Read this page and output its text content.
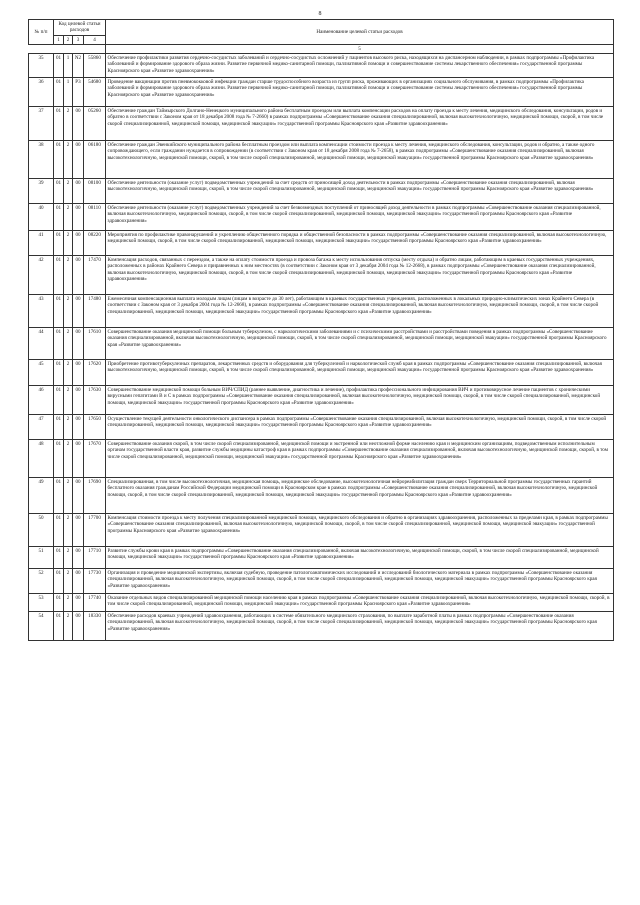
8
№ п/п	Код целевой статьи расходов				Наименование целевой статьи расходов
	1	2	3	4	
					5
35	01	1	N2	55860	Обеспечение профилактики развития сердечно-сосудистых заболеваний и сердечно-сосудистых осложнений у пациентов высокого риска, находящихся на диспансерном наблюдении, в рамках подпрограммы «Профилактика заболеваний и формирование здорового образа жизни. Развитие первичной медико-санитарной помощи, паллиативной помощи и совершенствование системы лекарственного обеспечения» государственной программы Красноярского края «Развитие здравоохранения»
36	01	1	P3	54680	Проведение вакцинации против пневмококковой инфекции граждан старше трудоспособного возраста из групп риска, проживающих в организациях социального обслуживания, в рамках подпрограммы «Профилактика заболеваний и формирование здорового образа жизни. Развитие первичной медико-санитарной помощи, паллиативной помощи и совершенствование системы лекарственного обеспечения» государственной программы Красноярского края «Развитие здравоохранения»
37	01	2	00	05260	Обеспечение граждан Таймырского Долгано-Ненецкого муниципального района бесплатным проездом или выплата компенсации расходов на оплату проезда к месту лечения, медицинского обследования, консультации, родов и обратно в соответствии с Законом края от 18 декабря 2008 года № 7-2660) в рамках подпрограммы «Совершенствование оказания специализированной, включая высокотехнологичную, медицинской помощи, скорой, в том числе скорой специализированной, медицинской помощи, медицинской эвакуации» государственной программы Красноярского края «Развитие здравоохранения»
38	01	2	00	06180	Обеспечение граждан Эвенкийского муниципального района бесплатным проездом или выплата компенсации стоимости проезда к месту лечения, медицинского обследования, консультации, родов и обратно, а также одного сопровождающего, если гражданин нуждается в сопровождении (в соответствии с Законом края от 18 декабря 2008 года № 7-2658), в рамках подпрограммы «Совершенствование оказания специализированной, включая высокотехнологичную, медицинской помощи, скорой, в том числе скорой специализированной, медицинской помощи, медицинской эвакуации» государственной программы Красноярского края «Развитие здравоохранения»
39	01	2	00	08100	Обеспечение деятельности (оказание услуг) подведомственных учреждений за счет средств от приносящей доход деятельности в рамках подпрограммы «Совершенствование оказания специализированной, включая высокотехнологичную, медицинской помощи, скорой, в том числе скорой специализированной, медицинской помощи, медицинской эвакуации» государственной программы Красноярского края «Развитие здравоохранения»
40	01	2	00	08110	Обеспечение деятельности (оказание услуг) подведомственных учреждений за счет безвозмездных поступлений от приносящей доход деятельности в рамках подпрограммы «Совершенствование оказания специализированной, включая высокотехнологичную, медицинской помощи, скорой, в том числе скорой специализированной, медицинской помощи, медицинской эвакуации» государственной программы Красноярского края «Развитие здравоохранения»
41	01	2	00	08220	Мероприятия по профилактике правонарушений и укреплению общественного порядка и общественной безопасности в рамках подпрограммы «Совершенствование оказания специализированной, включая высокотехнологичную, медицинской помощи, скорой, в том числе скорой специализированной, медицинской помощи, медицинской эвакуации» государственной программы Красноярского края «Развитие здравоохранения»
42	01	2	00	17470	Компенсация расходов, связанных с переездом, а также на оплату стоимости проезда и провоза багажа к месту использования отпуска (месту отдыха) и обратно лицам, работающим в краевых государственных учреждениях, расположенных в районах Крайнего Севера и приравненных к ним местностях (в соответствии с Законом края от 3 декабря 2004 года № 12-2668), в рамках подпрограммы «Совершенствование оказания специализированной, включая высокотехнологичную, медицинской помощи, скорой, в том числе скорой специализированной, медицинской помощи, медицинской эвакуации» государственной программы Красноярского края «Развитие здравоохранения»
43	01	2	00	17480	Ежемесячная компенсационная выплата молодым лицам (лицам в возрасте до 30 лет), работающим в краевых государственных учреждениях, расположенных в локальных природно-климатических зонах Крайнего Севера (в соответствии с Законом края от 3 декабря 2004 года № 12-2668), в рамках подпрограммы «Совершенствование оказания специализированной, включая высокотехнологичную, медицинской помощи, скорой, в том числе скорой специализированной, медицинской помощи, медицинской эвакуации» государственной программы Красноярского края «Развитие здравоохранения»
44	01	2	00	17610	Совершенствование оказания медицинской помощи больным туберкулезом, с наркологическими заболеваниями и с психическими расстройствами и расстройствами поведения в рамках подпрограммы «Совершенствование оказания специализированной, включая высокотехнологичную, медицинской помощи, скорой, в том числе скорой специализированной, медицинской помощи, медицинской эвакуации» государственной программы Красноярского края «Развитие здравоохранения»
45	01	2	00	17620	Приобретение противотуберкулезных препаратов, лекарственных средств и оборудования для туберкулезной и наркологической служб края в рамках подпрограммы «Совершенствование оказания специализированной, включая высокотехнологичную, медицинской помощи, скорой, в том числе скорой специализированной, медицинской помощи, медицинской эвакуации» государственной программы Красноярского края «Развитие здравоохранения»
46	01	2	00	17630	Совершенствование медицинской помощи больным ВИЧ/СПИД (раннее выявление, диагностика и лечение), профилактика профессионального инфицирования ВИЧ и противовирусное лечение пациентов с хроническими вирусными гепатитами В и С в рамках подпрограммы «Совершенствование оказания специализированной, включая высокотехнологичную, медицинской помощи, скорой, в том числе скорой специализированной, медицинской помощи, медицинской эвакуации» государственной программы Красноярского края «Развитие здравоохранения»
47	01	2	00	17650	Осуществление текущей деятельности онкологического диспансера в рамках подпрограммы «Совершенствование оказания специализированной, включая высокотехнологичную, медицинской помощи, скорой, в том числе скорой специализированной, медицинской помощи, медицинской эвакуации» государственной программы Красноярского края «Развитие здравоохранения»
48	01	2	00	17670	Совершенствование оказания скорой, в том числе скорой специализированной, медицинской помощи и экстренной или неотложной форме населению края и медицинским организациям, подведомственным исполнительным органам государственной власти края, развитие службы медицины катастроф края в рамках подпрограммы «Совершенствование оказания специализированной, включая высокотехнологичную, медицинской помощи, скорой, в том числе скорой специализированной, медицинской помощи, медицинской эвакуации» государственной программы Красноярского края «Развитие здравоохранения»
49	01	2	00	17690	Специализированная, в том числе высокотехнологичная, медицинская помощь, медицинское обследование, высокотехнологичная нейрореабилитация граждан сверх Территориальной программы государственных гарантий бесплатного оказания гражданам Российской Федерации медицинской помощи в Красноярском крае в рамках подпрограммы «Совершенствование оказания специализированной, включая высокотехнологичную, медицинской помощи, скорой, в том числе скорой специализированной, медицинской помощи, медицинской эвакуации» государственной программы Красноярского края «Развитие здравоохранения»
50	01	2	00	17700	Компенсация стоимости проезда к месту получения специализированной медицинской помощи, медицинского обследования и обратно в организациях здравоохранения, расположенных за пределами края, в рамках подпрограммы «Совершенствование оказания специализированной, включая высокотехнологичную, медицинской помощи, скорой, в том числе скорой специализированной, медицинской помощи, медицинской эвакуации» государственной программы Красноярского края «Развитие здравоохранения»
51	01	2	00	17710	Развитие службы крови края в рамках подпрограммы «Совершенствование оказания специализированной, включая высокотехнологичную, медицинской помощи, скорой, в том числе скорой специализированной, медицинской помощи, медицинской эвакуации» государственной программы Красноярского края «Развитие здравоохранения»
52	01	2	00	17730	Организация и проведение медицинской экспертизы, включая судебную, проведение патологоанатомических исследований и исследований биологического материала в рамках подпрограммы «Совершенствование оказания специализированной, включая высокотехнологичную, медицинской помощи, скорой, в том числе скорой специализированной, медицинской помощи, медицинской эвакуации» государственной программы Красноярского края «Развитие здравоохранения»
53	01	2	00	17740	Оказание отдельных видов специализированной медицинской помощи населению края в рамках подпрограммы «Совершенствование оказания специализированной, включая высокотехнологичную, медицинской помощи, скорой, в том числе скорой специализированной, медицинской помощи, медицинской эвакуации» государственной программы Красноярского края «Развитие здравоохранения»
54	01	2	00	18330	Обеспечение расходов краевых учреждений здравоохранения, работающих в системе обязательного медицинского страхования, по выплате заработной платы в рамках подпрограммы «Совершенствование оказания специализированной, включая высокотехнологичную, медицинской помощи, скорой, в том числе скорой специализированной, медицинской помощи, медицинской эвакуации» государственной программы Красноярского края «Развитие здравоохранения»
